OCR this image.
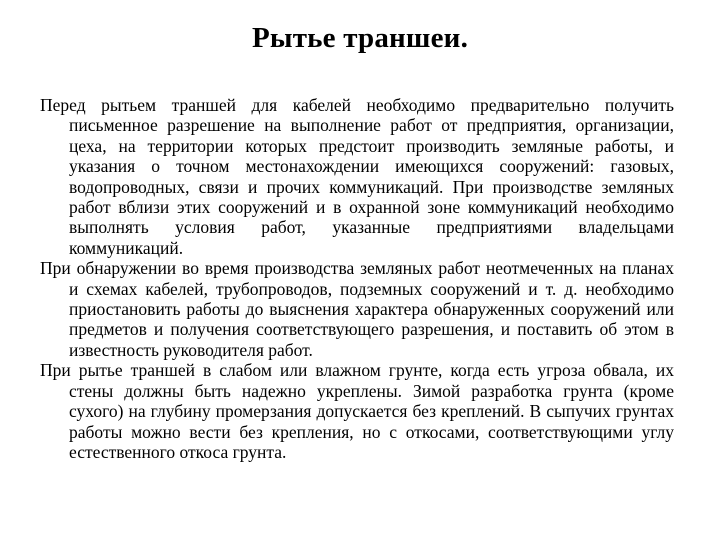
Рытье траншеи.

Перед рытьем траншей для кабелей необходимо предварительно получить письменное разрешение на выполнение работ от предприятия, организации, цеха, на территории которых предстоит производить земляные работы, и указания о точном местонахождении имеющихся сооружений: газовых, водопроводных, связи и прочих коммуникаций. При производстве земляных работ вблизи этих сооружений и в охранной зоне коммуникаций необходимо выполнять условия работ, указанные предприятиями владельцами коммуникаций.

При обнаружении во время производства земляных работ неотмеченных на планах и схемах кабелей, трубопроводов, подземных сооружений и т. д. необходимо приостановить работы до выяснения характера обнаруженных сооружений или предметов и получения соответствующего разрешения, и поставить об этом в известность руководителя работ.

При рытье траншей в слабом или влажном грунте, когда есть угроза обвала, их стены должны быть надежно укреплены. Зимой разработка грунта (кроме сухого) на глубину промерзания допускается без креплений. В сыпучих грунтах работы можно вести без крепления, но с откосами, соответствующими углу естественного откоса грунта.
